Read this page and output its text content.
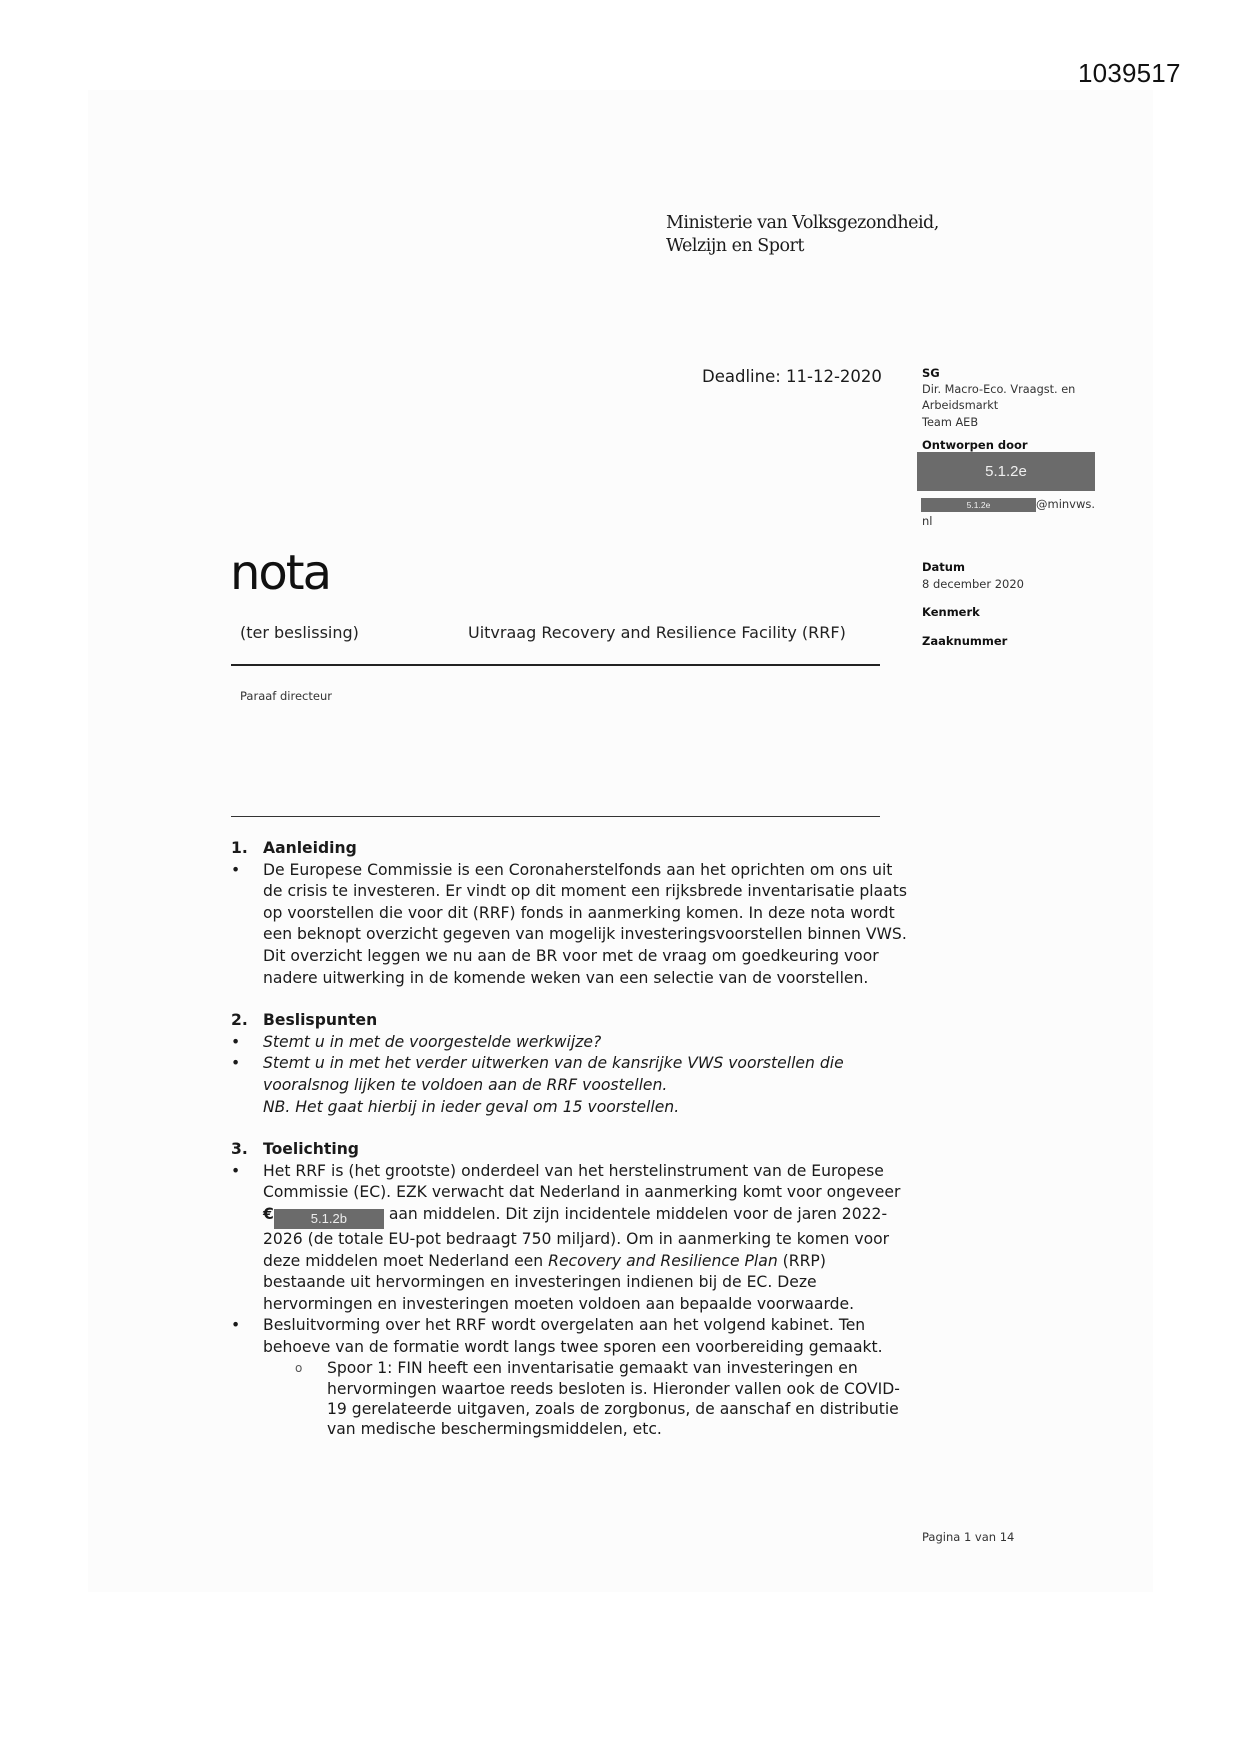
1039517
Ministerie van Volksgezondheid,
Welzijn en Sport
Deadline: 11-12-2020	SG
Dir. Macro-Eco. Vraagst. en
Arbeidsmarkt
Team AEB
Ontworpen door
5.1.2e
5.1.2e	@minvws.
nl
Datum
8 december 2020
Kenmerk
Zaaknummer
nota
(ter beslissing)	Uitvraag Recovery and Resilience Facility (RRF)
Paraaf directeur
1. Aanleiding
•	De Europese Commissie is een Coronaherstelfonds aan het oprichten om ons uit de crisis te investeren. Er vindt op dit moment een rijksbrede inventarisatie plaats op voorstellen die voor dit (RRF) fonds in aanmerking komen. In deze nota wordt een beknopt overzicht gegeven van mogelijk investeringsvoorstellen binnen VWS. Dit overzicht leggen we nu aan de BR voor met de vraag om goedkeuring voor nadere uitwerking in de komende weken van een selectie van de voorstellen.
2. Beslispunten
•	Stemt u in met de voorgestelde werkwijze?
•	Stemt u in met het verder uitwerken van de kansrijke VWS voorstellen die vooralsnog lijken te voldoen aan de RRF voostellen.
NB. Het gaat hierbij in ieder geval om 15 voorstellen.
3. Toelichting
•	Het RRF is (het grootste) onderdeel van het herstelinstrument van de Europese Commissie (EC). EZK verwacht dat Nederland in aanmerking komt voor ongeveer €	5.1.2b aan middelen. Dit zijn incidentele middelen voor de jaren 2022-2026 (de totale EU-pot bedraagt 750 miljard). Om in aanmerking te komen voor deze middelen moet Nederland een Recovery and Resilience Plan (RRP) bestaande uit hervormingen en investeringen indienen bij de EC. Deze hervormingen en investeringen moeten voldoen aan bepaalde voorwaarde.
•	Besluitvorming over het RRF wordt overgelaten aan het volgend kabinet. Ten behoeve van de formatie wordt langs twee sporen een voorbereiding gemaakt.
o	Spoor 1: FIN heeft een inventarisatie gemaakt van investeringen en hervormingen waartoe reeds besloten is. Hieronder vallen ook de COVID-19 gerelateerde uitgaven, zoals de zorgbonus, de aanschaf en distributie van medische beschermingsmiddelen, etc.
Pagina 1 van 14
